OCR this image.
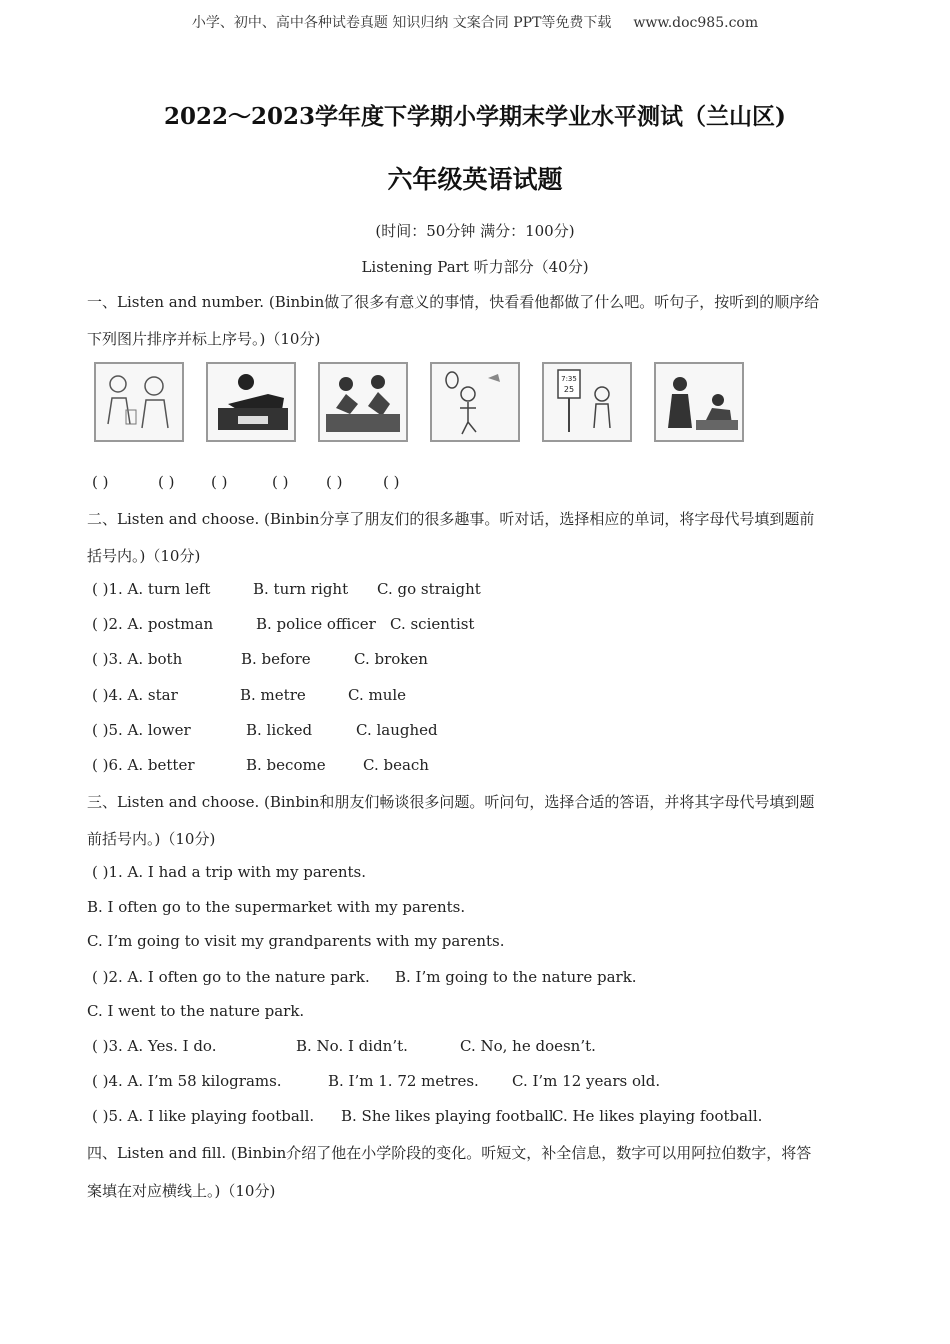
小学、初中、高中各种试卷真题 知识归纳 文案合同 PPT等免费下载 www.doc985.com
2022～2023学年度下学期小学期末学业水平测试（兰山区)
六年级英语试题
(时间：50分钟 满分：100分)
Listening Part 听力部分（40分)
一、Listen and number. (Binbin做了很多有意义的事情，快看看他都做了什么吧。听句子，按听到的顺序给
下列图片排序并标上序号。)（10分)
7:35
25
( )	( ) ( )	( )	( )	( )
二、Listen and choose. (Binbin分享了朋友们的很多趣事。听对话，选择相应的单词，将字母代号填到题前
括号内。)（10分)
( )1. A. turn left	B. turn right C. go straight
( )2. A. postman	B. police officer C. scientist
( )3. A. both	B. before	C. broken
( )4. A. star	B. metre	C. mule
( )5. A. lower	B. licked	C. laughed
( )6. A. better	B. become C. beach
三、Listen and choose. (Binbin和朋友们畅谈很多问题。听问句，选择合适的答语，并将其字母代号填到题
前括号内。)（10分)
( )1. A. I had a trip with my parents.
B. I often go to the supermarket with my parents.
C. I’m going to visit my grandparents with my parents.
( )2. A. I often go to the nature park. B. I’m going to the nature park.
C. I went to the nature park.
( )3. A. Yes. I do.	B. No. I didn’t.	C. No, he doesn’t.
( )4. A. I’m 58 kilograms.	B. I’m 1. 72 metres. C. I’m 12 years old.
( )5. A. I like playing football. B. She likes playing football.
C. He likes playing football.
四、Listen and fill. (Binbin介绍了他在小学阶段的变化。听短文，补全信息，数字可以用阿拉伯数字，将答
案填在对应横线上。)（10分)
